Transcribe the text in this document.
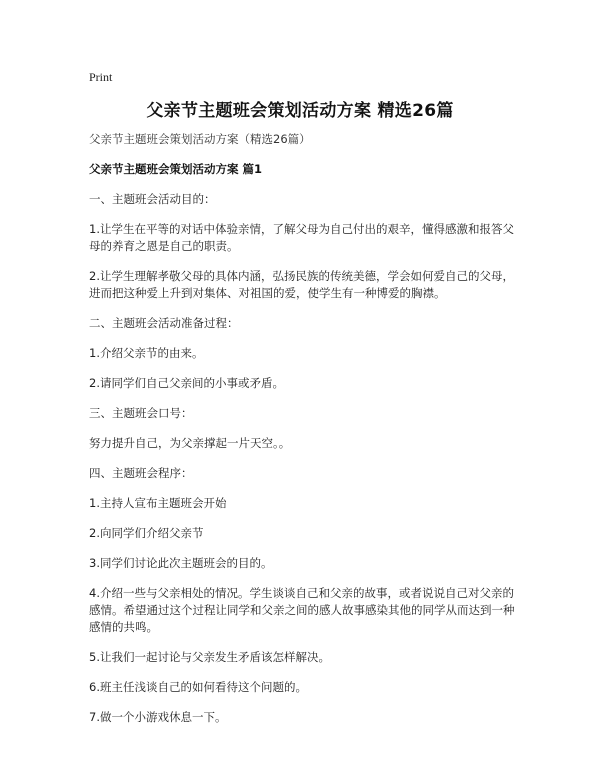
Print
父亲节主题班会策划活动方案 精选26篇

父亲节主题班会策划活动方案（精选26篇）

父亲节主题班会策划活动方案 篇1

一、主题班会活动目的：

1.让学生在平等的对话中体验亲情，了解父母为自己付出的艰辛，懂得感激和报答父母的养育之恩是自己的职责。

2.让学生理解孝敬父母的具体内涵，弘扬民族的传统美德，学会如何爱自己的父母，进而把这种爱上升到对集体、对祖国的爱，使学生有一种博爱的胸襟。

二、主题班会活动准备过程：

1.介绍父亲节的由来。

2.请同学们自己父亲间的小事或矛盾。

三、主题班会口号：

努力提升自己，为父亲撑起一片天空。。

四、主题班会程序：

1.主持人宣布主题班会开始

2.向同学们介绍父亲节

3.同学们讨论此次主题班会的目的。

4.介绍一些与父亲相处的情况。学生谈谈自己和父亲的故事，或者说说自己对父亲的感情。希望通过这个过程让同学和父亲之间的感人故事感染其他的同学从而达到一种感情的共鸣。

5.让我们一起讨论与父亲发生矛盾该怎样解决。

6.班主任浅谈自己的如何看待这个问题的。

7.做一个小游戏休息一下。
